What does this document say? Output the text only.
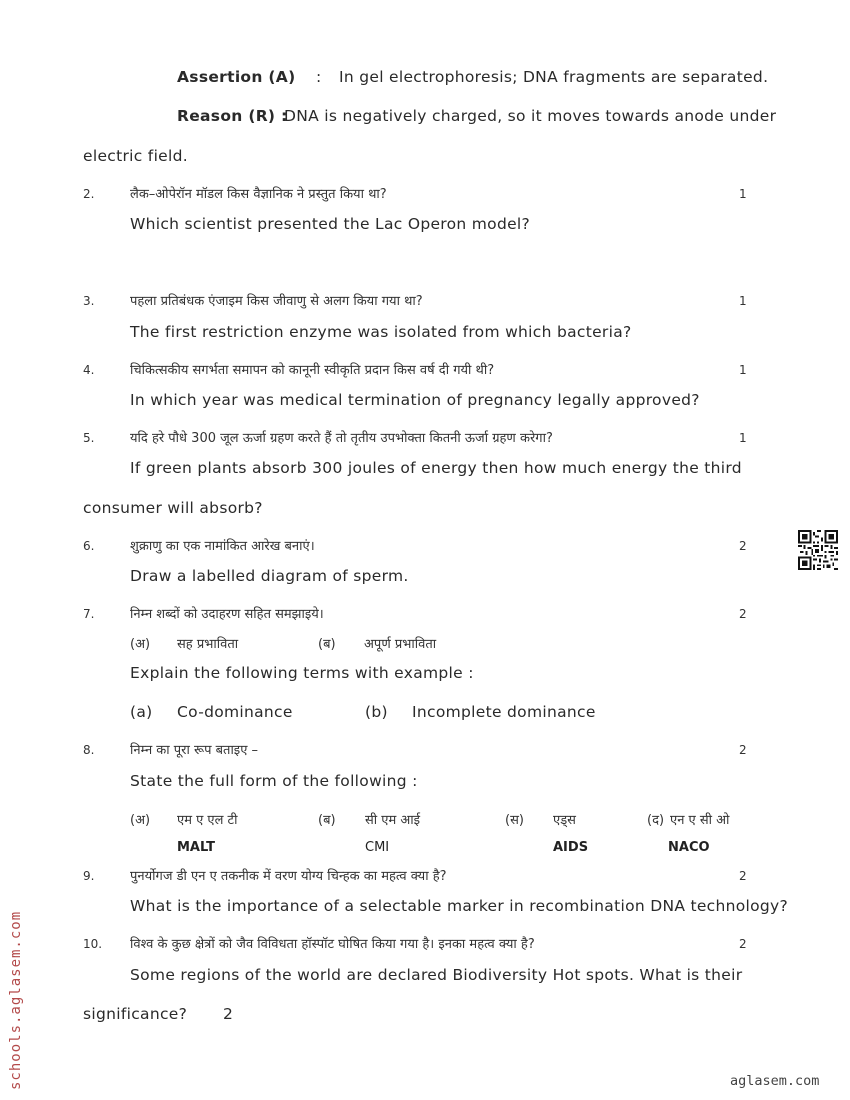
Assertion (A) : In gel electrophoresis; DNA fragments are separated.
Reason (R) :
DNA is negatively charged, so it moves towards anode under
electric field.
2.	लैक–ओपेरॉन मॉडल किस वैज्ञानिक ने प्रस्तुत किया था?	1
Which scientist presented the Lac Operon model?
3.	पहला प्रतिबंधक एंजाइम किस जीवाणु से अलग किया गया था?	1
The first restriction enzyme was isolated from which bacteria?
4.	चिकित्सकीय सगर्भता समापन को कानूनी स्वीकृति प्रदान किस वर्ष दी गयी थी?	1
In which year was medical termination of pregnancy legally approved?
5.	यदि हरे पौधे 300 जूल ऊर्जा ग्रहण करते हैं तो तृतीय उपभोक्ता कितनी ऊर्जा ग्रहण करेगा?	1
If green plants absorb 300 joules of energy then how much energy the third
consumer will absorb?
6.	शुक्राणु का एक नामांकित आरेख बनाएं।	2
Draw a labelled diagram of sperm.
7.	निम्न शब्दों को उदाहरण सहित समझाइये।	2
(अ) सह प्रभाविता	(ब) अपूर्ण प्रभाविता
Explain the following terms with example :
(a) Co-dominance	(b) Incomplete dominance
8.	निम्न का पूरा रूप बताइए –	2
State the full form of the following :
(अ) एम ए एल टी
MALT
(ब) सी एम आई
CMI
(स) एड्स
AIDS
(द) एन ए सी ओ
NACO
9.	पुनर्योगज डी एन ए तकनीक में वरण योग्य चिन्हक का महत्व क्या है?	2
What is the importance of a selectable marker in recombination DNA technology?
10. विश्व के कुछ क्षेत्रों को जैव विविधता हॉस्पॉट घोषित किया गया है। इनका महत्व क्या है?	2
Some regions of the world are declared Biodiversity Hot spots. What is their
significance? 2
schools.aglasem.com	aglasem.com
